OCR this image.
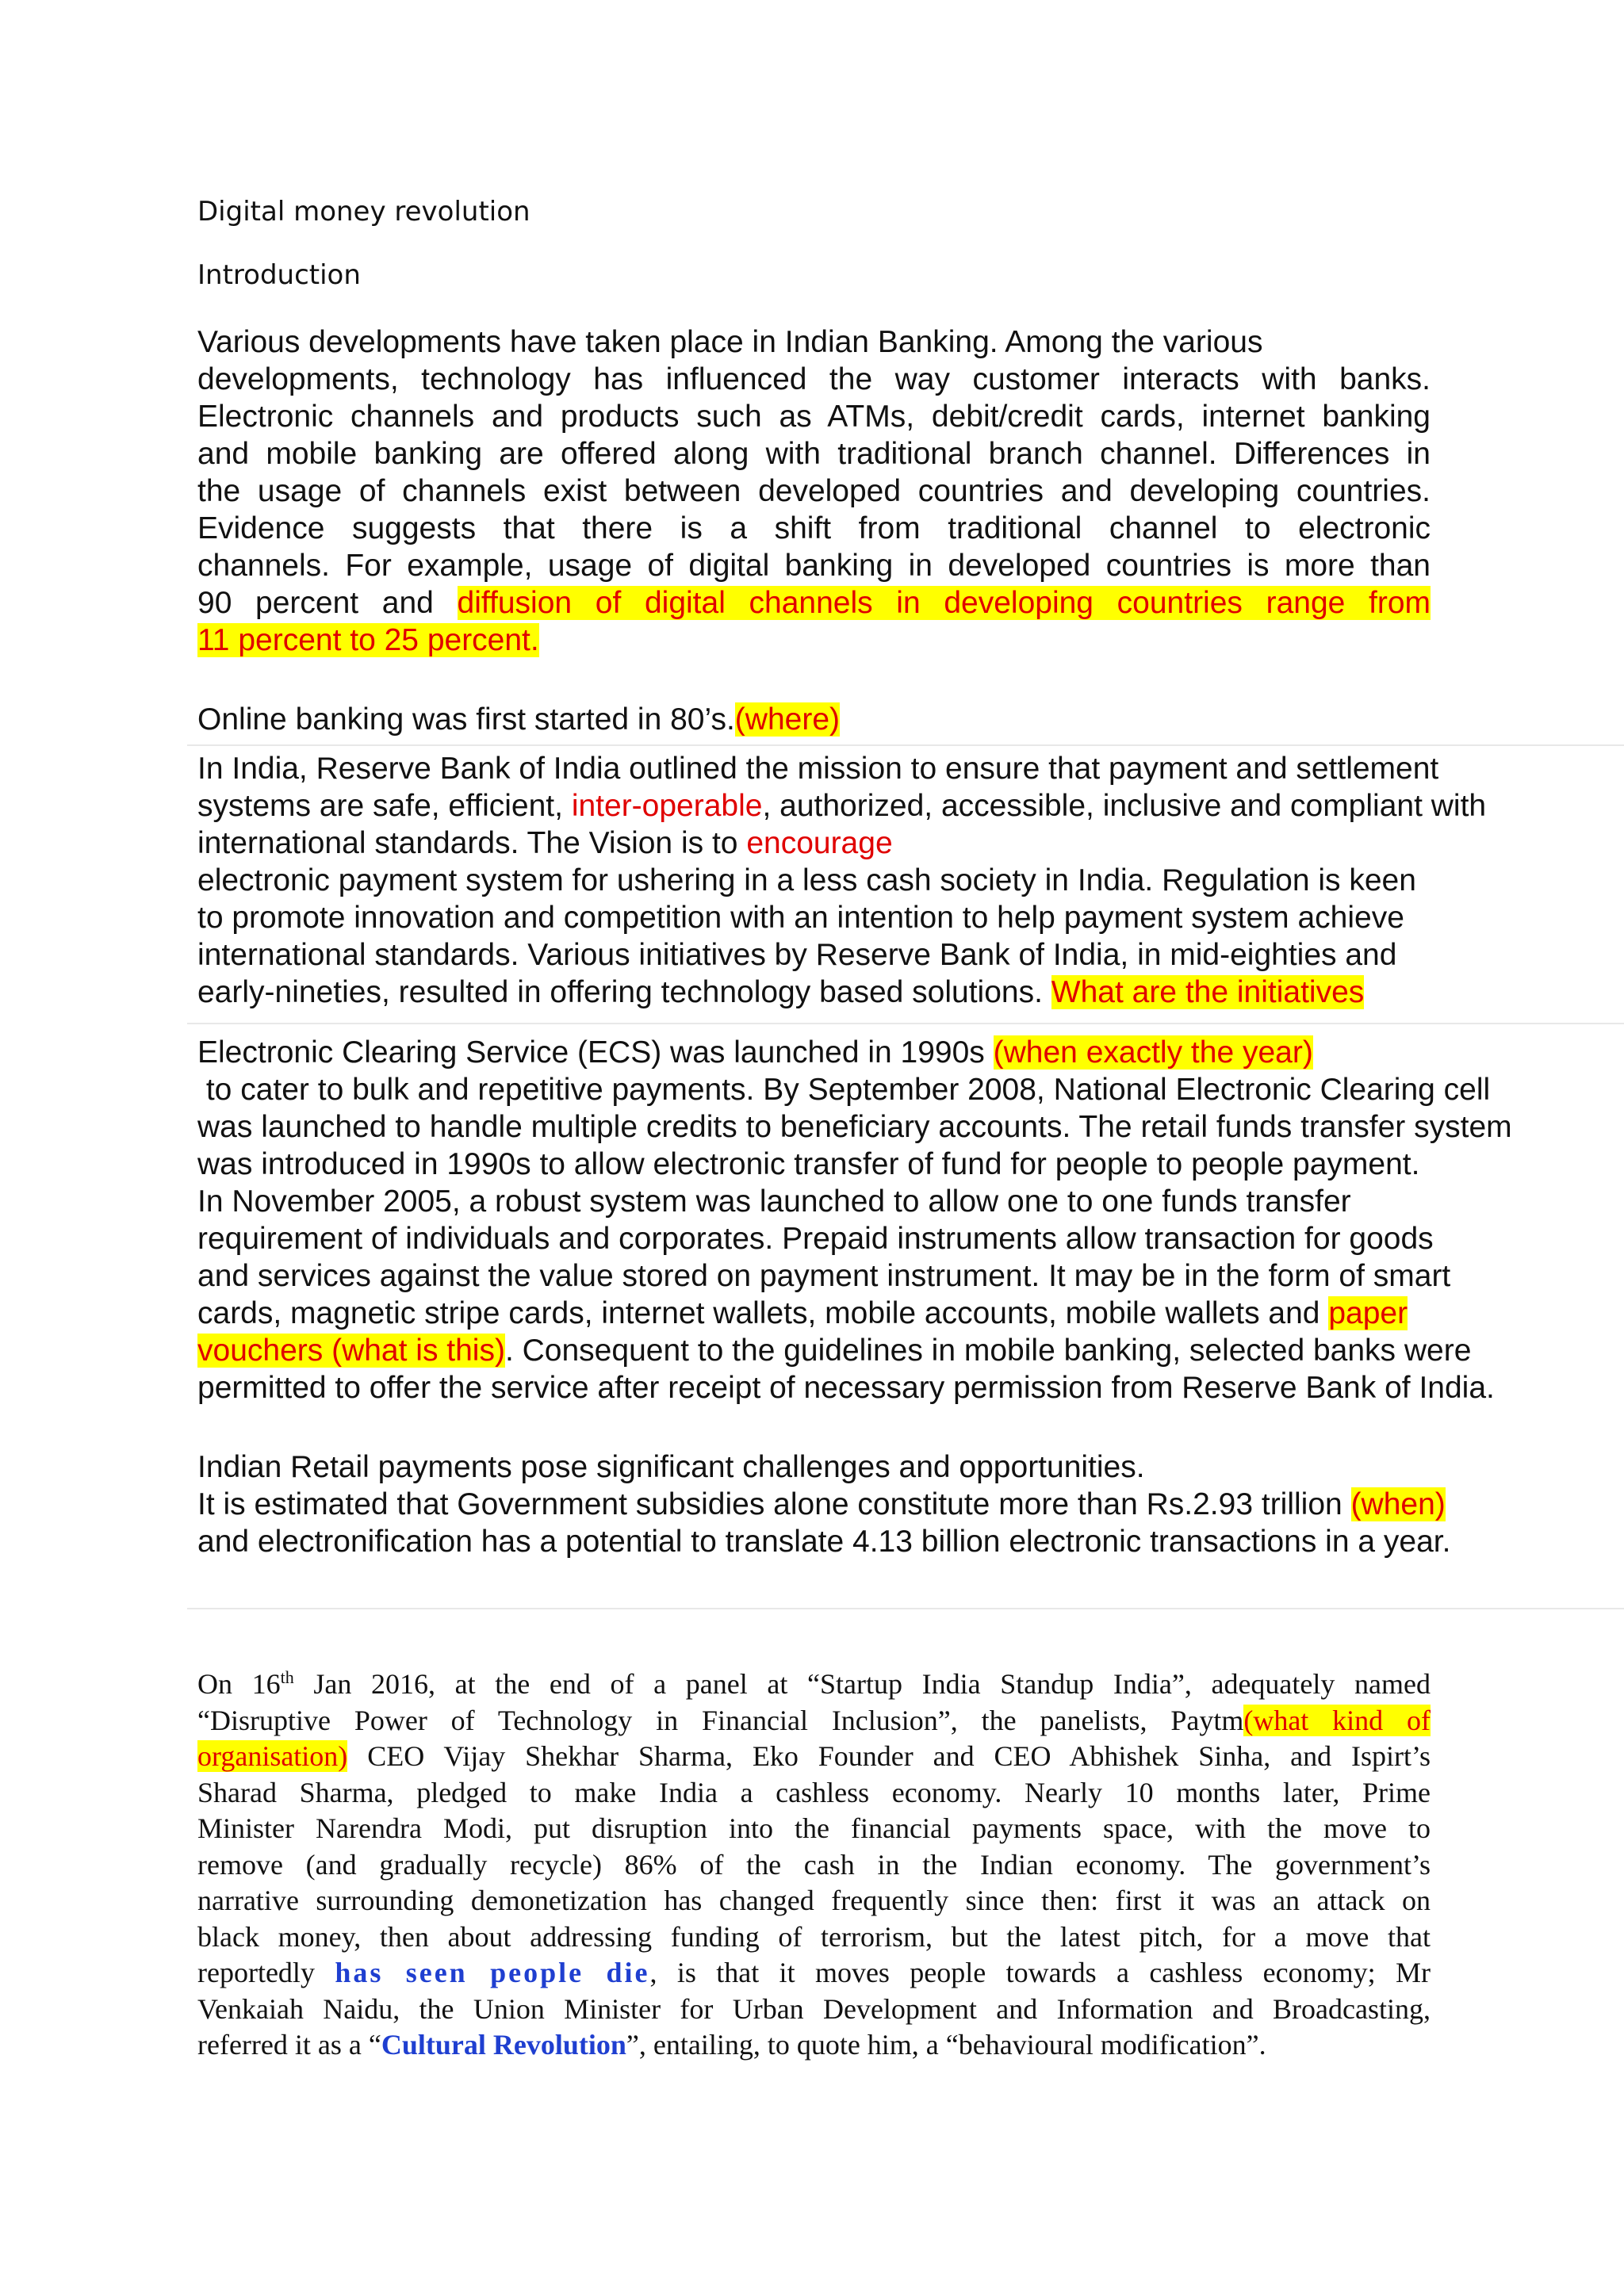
Digital money revolution
Introduction
Various developments have taken place in Indian Banking. Among the various
developments, technology has influenced the way customer interacts with banks.
Electronic channels and products such as ATMs, debit/credit cards, internet banking
and mobile banking are offered along with traditional branch channel. Differences in
the usage of channels exist between developed countries and developing countries.
Evidence suggests that there is a shift from traditional channel to electronic
channels. For example, usage of digital banking in developed countries is more than
90 percent and diffusion of digital channels in developing countries range from
11 percent to 25 percent.
Online banking was first started in 80’s.(where)
In India, Reserve Bank of India outlined the mission to ensure that payment and settlement
systems are safe, efficient, inter-operable, authorized, accessible, inclusive and compliant with
international standards. The Vision is to encourage
electronic payment system for ushering in a less cash society in India. Regulation is keen
to promote innovation and competition with an intention to help payment system achieve
international standards. Various initiatives by Reserve Bank of India, in mid-eighties and
early-nineties, resulted in offering technology based solutions. What are the initiatives
Electronic Clearing Service (ECS) was launched in 1990s (when exactly the year)
to cater to bulk and repetitive payments. By September 2008, National Electronic Clearing cell
was launched to handle multiple credits to beneficiary accounts. The retail funds transfer system
was introduced in 1990s to allow electronic transfer of fund for people to people payment.
In November 2005, a robust system was launched to allow one to one funds transfer
requirement of individuals and corporates. Prepaid instruments allow transaction for goods
and services against the value stored on payment instrument. It may be in the form of smart
cards, magnetic stripe cards, internet wallets, mobile accounts, mobile wallets and paper
vouchers (what is this). Consequent to the guidelines in mobile banking, selected banks were
permitted to offer the service after receipt of necessary permission from Reserve Bank of India.
Indian Retail payments pose significant challenges and opportunities.
It is estimated that Government subsidies alone constitute more than Rs.2.93 trillion (when)
and electronification has a potential to translate 4.13 billion electronic transactions in a year.
On 16th Jan 2016, at the end of a panel at “Startup India Standup India”, adequately named
“Disruptive Power of Technology in Financial Inclusion”, the panelists, Paytm(what kind of
organisation) CEO Vijay Shekhar Sharma, Eko Founder and CEO Abhishek Sinha, and Ispirt’s
Sharad Sharma, pledged to make India a cashless economy. Nearly 10 months later, Prime
Minister Narendra Modi, put disruption into the financial payments space, with the move to
remove (and gradually recycle) 86% of the cash in the Indian economy. The government’s
narrative surrounding demonetization has changed frequently since then: first it was an attack on
black money, then about addressing funding of terrorism, but the latest pitch, for a move that
reportedly has seen people die, is that it moves people towards a cashless economy; Mr
Venkaiah Naidu, the Union Minister for Urban Development and Information and Broadcasting,
referred it as a “Cultural Revolution”, entailing, to quote him, a “behavioural modification”.
